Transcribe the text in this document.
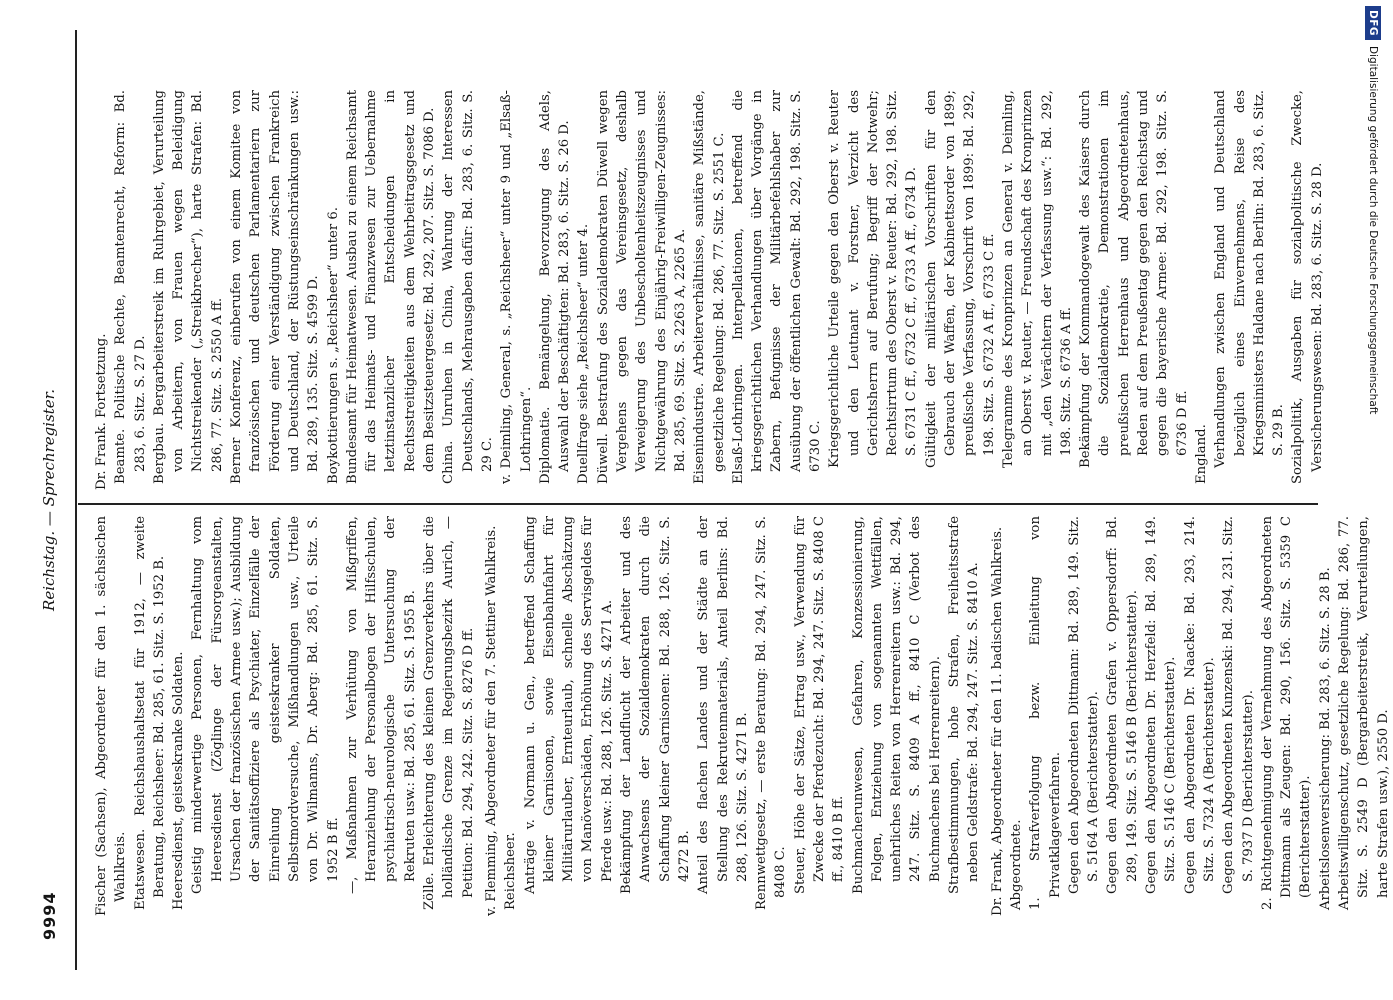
9994
Reichstag. — Sprechregister.

Fischer (Sachsen), Abgeordneter für den 1. sächsischen Wahlkreis. Etatswesen. Reichshaushaltsetat für 1912, — zweite Beratung, Reichsheer: Bd. 285, 61. Sitz. S. 1952 B. Heeresdienst, geisteskranke Soldaten. Geistig minderwertige Personen, Fernhaltung vom Heeresdienst (Zöglinge der Fürsorgeanstalten, Ursachen der französischen Armee usw.); Ausbildung der Sanitätsoffiziere als Psychiater, Einzelfälle der Einreihung geisteskranker Soldaten, Selbstmordversuche, Mißhandlungen usw., Urteile von Dr. Wilmanns, Dr. Aberg: Bd. 285, 61. Sitz. S. 1952 B ff. —, Maßnahmen zur Verhütung von Mißgriffen, Heranziehung der Personalbogen der Hilfsschulen, psychiatrisch-neurologische Untersuchung der Rekruten usw.: Bd. 285, 61. Sitz. S. 1955 B. Zölle. Erleichterung des kleinen Grenzverkehrs über die holländische Grenze im Regierungsbezirk Aurich, — Petition: Bd. 294, 242. Sitz. S. 8276 D ff. v. Flemming, Abgeordneter für den 7. Stettiner Wahlkreis. Reichsheer. Anträge v. Normann u. Gen., betreffend Schaffung kleiner Garnisonen, sowie Eisenbahnfahrt für Militärurlauber, Ernteurlaub, schnelle Abschätzung von Manöverschäden, Erhöhung des Servisgeldes für Pferde usw.: Bd. 288, 126. Sitz. S. 4271 A. Bekämpfung der Landflucht der Arbeiter und des Anwachsens der Sozialdemokraten durch die Schaffung kleiner Garnisonen: Bd. 288, 126. Sitz. S. 4272 B. Anteil des flachen Landes und der Städte an der Stellung des Rekrutenmaterials, Anteil Berlins: Bd. 288, 126. Sitz. S. 4271 B. Rennwettgesetz, — erste Beratung: Bd. 294, 247. Sitz. S. 8408 C. Steuer, Höhe der Sätze, Ertrag usw., Verwendung für Zwecke der Pferdezucht: Bd. 294, 247. Sitz. S. 8408 C ff., 8410 B ff. Buchmacherunwesen, Gefahren, Konzessionierung, Folgen, Entziehung von sogenannten Wettfällen, unehrliches Reiten von Herrenreitern usw.: Bd. 294, 247. Sitz. S. 8409 A ff., 8410 C (Verbot des Buchmachens bei Herrenreitern). Strafbestimmungen, hohe Strafen, Freiheitsstrafe neben Geldstrafe: Bd. 294, 247. Sitz. S. 8410 A. Dr. Frank, Abgeordneter für den 11. badischen Wahlkreis. Abgeordnete. 1. Strafverfolgung bezw. Einleitung von Privatklageverfahren. Gegen den Abgeordneten Dittmann: Bd. 289, 149. Sitz. S. 5164 A (Berichterstatter). Gegen den Abgeordneten Grafen v. Oppersdorff: Bd. 289, 149. Sitz. S. 5146 B (Berichterstatter). Gegen den Abgeordneten Dr. Herzfeld: Bd. 289, 149. Sitz. S. 5146 C (Berichterstatter). Gegen den Abgeordneten Dr. Naacke: Bd. 293, 214. Sitz. S. 7324 A (Berichterstatter). Gegen den Abgeordneten Kunzenski: Bd. 294, 231. Sitz. S. 7937 D (Berichterstatter). 2. Richtgenehmigung der Vernehmung des Abgeordneten Dittmann als Zeugen: Bd. 290, 156. Sitz. S. 5359 C (Berichterstatter). Arbeitslosenversicherung: Bd. 283, 6. Sitz. S. 28 B. Arbeitswilligenschutz, gesetzliche Regelung: Bd. 286, 77. Sitz. S. 2549 D (Bergarbeiterstreik, Verurteilungen, harte Strafen usw.), 2550 D.

Dr. Frank. Fortsetzung. Beamte. Politische Rechte, Beamtenrecht, Reform: Bd. 283, 6. Sitz. S. 27 D. Bergbau. Bergarbeiterstreik im Ruhrgebiet, Verurteilung von Arbeitern, von Frauen wegen Beleidigung Nichtstreikender („Streikbrecher“), harte Strafen: Bd. 286, 77. Sitz. S. 2550 A ff. Berner Konferenz, einberufen von einem Komitee von französischen und deutschen Parlamentariern zur Förderung einer Verständigung zwischen Frankreich und Deutschland, der Rüstungseinschränkungen usw.: Bd. 289, 135. Sitz. S. 4599 D. Boykottierungen s. „Reichsheer“ unter 6. Bundesamt für Heimatwesen. Ausbau zu einem Reichsamt für das Heimats- und Finanzwesen zur Uebernahme letztinstanzlicher Entscheidungen in Rechtsstreitigkeiten aus dem Wehrbeitragsgesetz und dem Besitzsteuergesetz: Bd. 292, 207. Sitz. S. 7086 D. China. Unruhen in China, Wahrung der Interessen Deutschlands, Mehrausgaben dafür: Bd. 283, 6. Sitz. S. 29 C. v. Deimling, General, s. „Reichsheer“ unter 9 und „Elsaß-Lothringen“. Diplomatie. Bemängelung, Bevorzugung des Adels, Auswahl der Beschäftigten: Bd. 283, 6. Sitz. S. 26 D. Duellfrage siehe „Reichsheer“ unter 4. Düwell. Bestrafung des Sozialdemokraten Düwell wegen Vergehens gegen das Vereinsgesetz, deshalb Verweigerung des Unbescholtenheitszeugnisses und Nichtgewährung des Einjährig-Freiwilligen-Zeugnisses: Bd. 285, 69. Sitz. S. 2263 A, 2265 A. Eisenindustrie. Arbeiterverhältnisse, sanitäre Mißstände, gesetzliche Regelung: Bd. 286, 77. Sitz. S. 2551 C. Elsaß-Lothringen. Interpellationen, betreffend die kriegsgerichtlichen Verhandlungen über Vorgänge in Zabern, Befugnisse der Militärbefehlshaber zur Ausübung der öffentlichen Gewalt: Bd. 292, 198. Sitz. S. 6730 C. Kriegsgerichtliche Urteile gegen den Oberst v. Reuter und den Leutnant v. Forstner, Verzicht des Gerichtsherrn auf Berufung; Begriff der Notwehr; Rechtsirrtum des Oberst v. Reuter: Bd. 292, 198. Sitz. S. 6731 C ff., 6732 C ff., 6733 A ff., 6734 D. Gültigkeit der militärischen Vorschriften für den Gebrauch der Waffen, der Kabinettsorder von 1899; preußische Verfassung, Vorschrift von 1899: Bd. 292, 198. Sitz. S. 6732 A ff., 6733 C ff. Telegramme des Kronprinzen an General v. Deimling, an Oberst v. Reuter, — Freundschaft des Kronprinzen mit „den Verächtern der Verfassung usw.“: Bd. 292, 198. Sitz. S. 6736 A ff. Bekämpfung der Kommandogewalt des Kaisers durch die Sozialdemokratie, Demonstrationen im preußischen Herrenhaus und Abgeordnetenhaus, Reden auf dem Preußentag gegen den Reichstag und gegen die bayerische Armee: Bd. 292, 198. Sitz. S. 6736 D ff. England. Verhandlungen zwischen England und Deutschland bezüglich eines Einvernehmens, Reise des Kriegsministers Haldane nach Berlin: Bd. 283, 6. Sitz. S. 29 B. Sozialpolitik, Ausgaben für sozialpolitische Zwecke, Versicherungswesen: Bd. 283, 6. Sitz. S. 28 D.

DFGDigitalisierung gefördert durch die Deutsche Forschungsgemeinschaft
